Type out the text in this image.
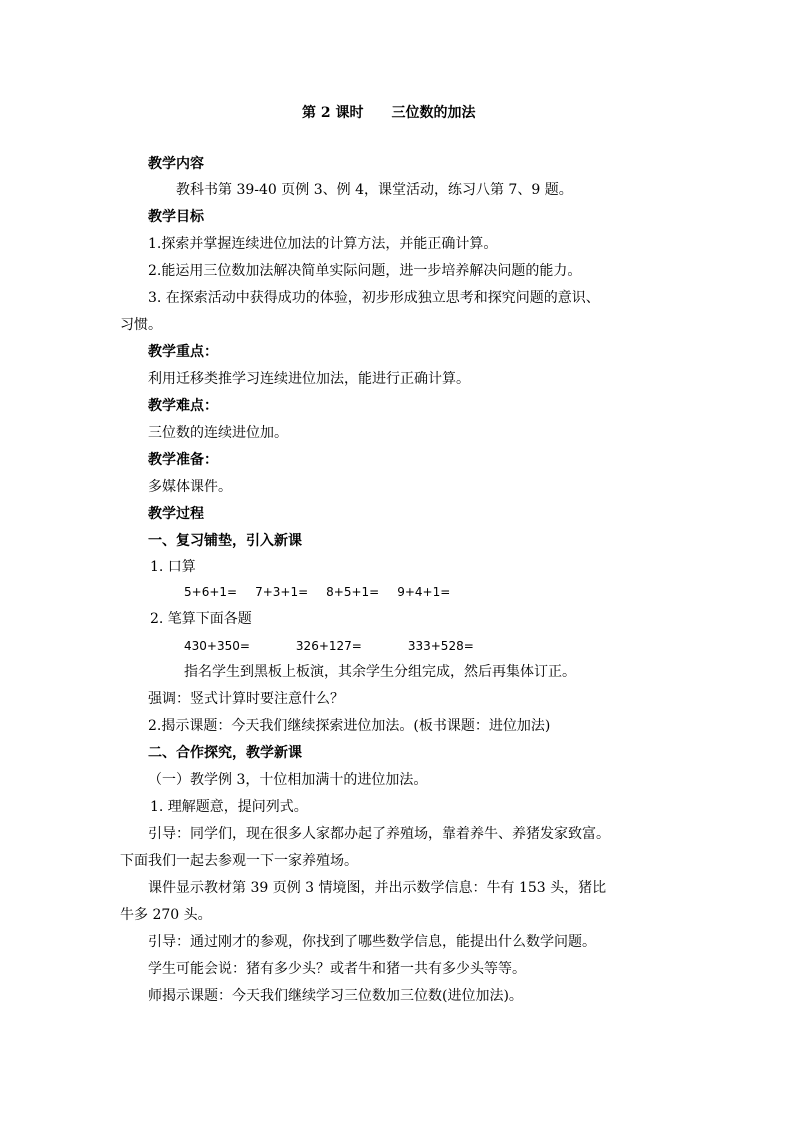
第 2 课时 三位数的加法
教学内容
教科书第 39-40 页例 3、例 4，课堂活动，练习八第 7、9 题。
教学目标
1.探索并掌握连续进位加法的计算方法，并能正确计算。
2.能运用三位数加法解决简单实际问题，进一步培养解决问题的能力。
3. 在探索活动中获得成功的体验，初步形成独立思考和探究问题的意识、
习惯。
教学重点：
利用迁移类推学习连续进位加法，能进行正确计算。
教学难点：
三位数的连续进位加。
教学准备：
多媒体课件。
教学过程
一、复习铺垫，引入新课
1. 口算
5+6+1= 7+3+1= 8+5+1= 9+4+1=
2. 笔算下面各题
430+350=	326+127=	333+528=
指名学生到黑板上板演，其余学生分组完成，然后再集体订正。
强调：竖式计算时要注意什么？
2.揭示课题：今天我们继续探索进位加法。(板书课题：进位加法)
二、合作探究，教学新课
（一）教学例 3，十位相加满十的进位加法。
1. 理解题意，提问列式。
引导：同学们，现在很多人家都办起了养殖场，靠着养牛、养猪发家致富。
下面我们一起去参观一下一家养殖场。
课件显示教材第 39 页例 3 情境图，并出示数学信息：牛有 153 头，猪比
牛多 270 头。
引导：通过刚才的参观，你找到了哪些数学信息，能提出什么数学问题。
学生可能会说：猪有多少头？或者牛和猪一共有多少头等等。
师揭示课题：今天我们继续学习三位数加三位数(进位加法)。
